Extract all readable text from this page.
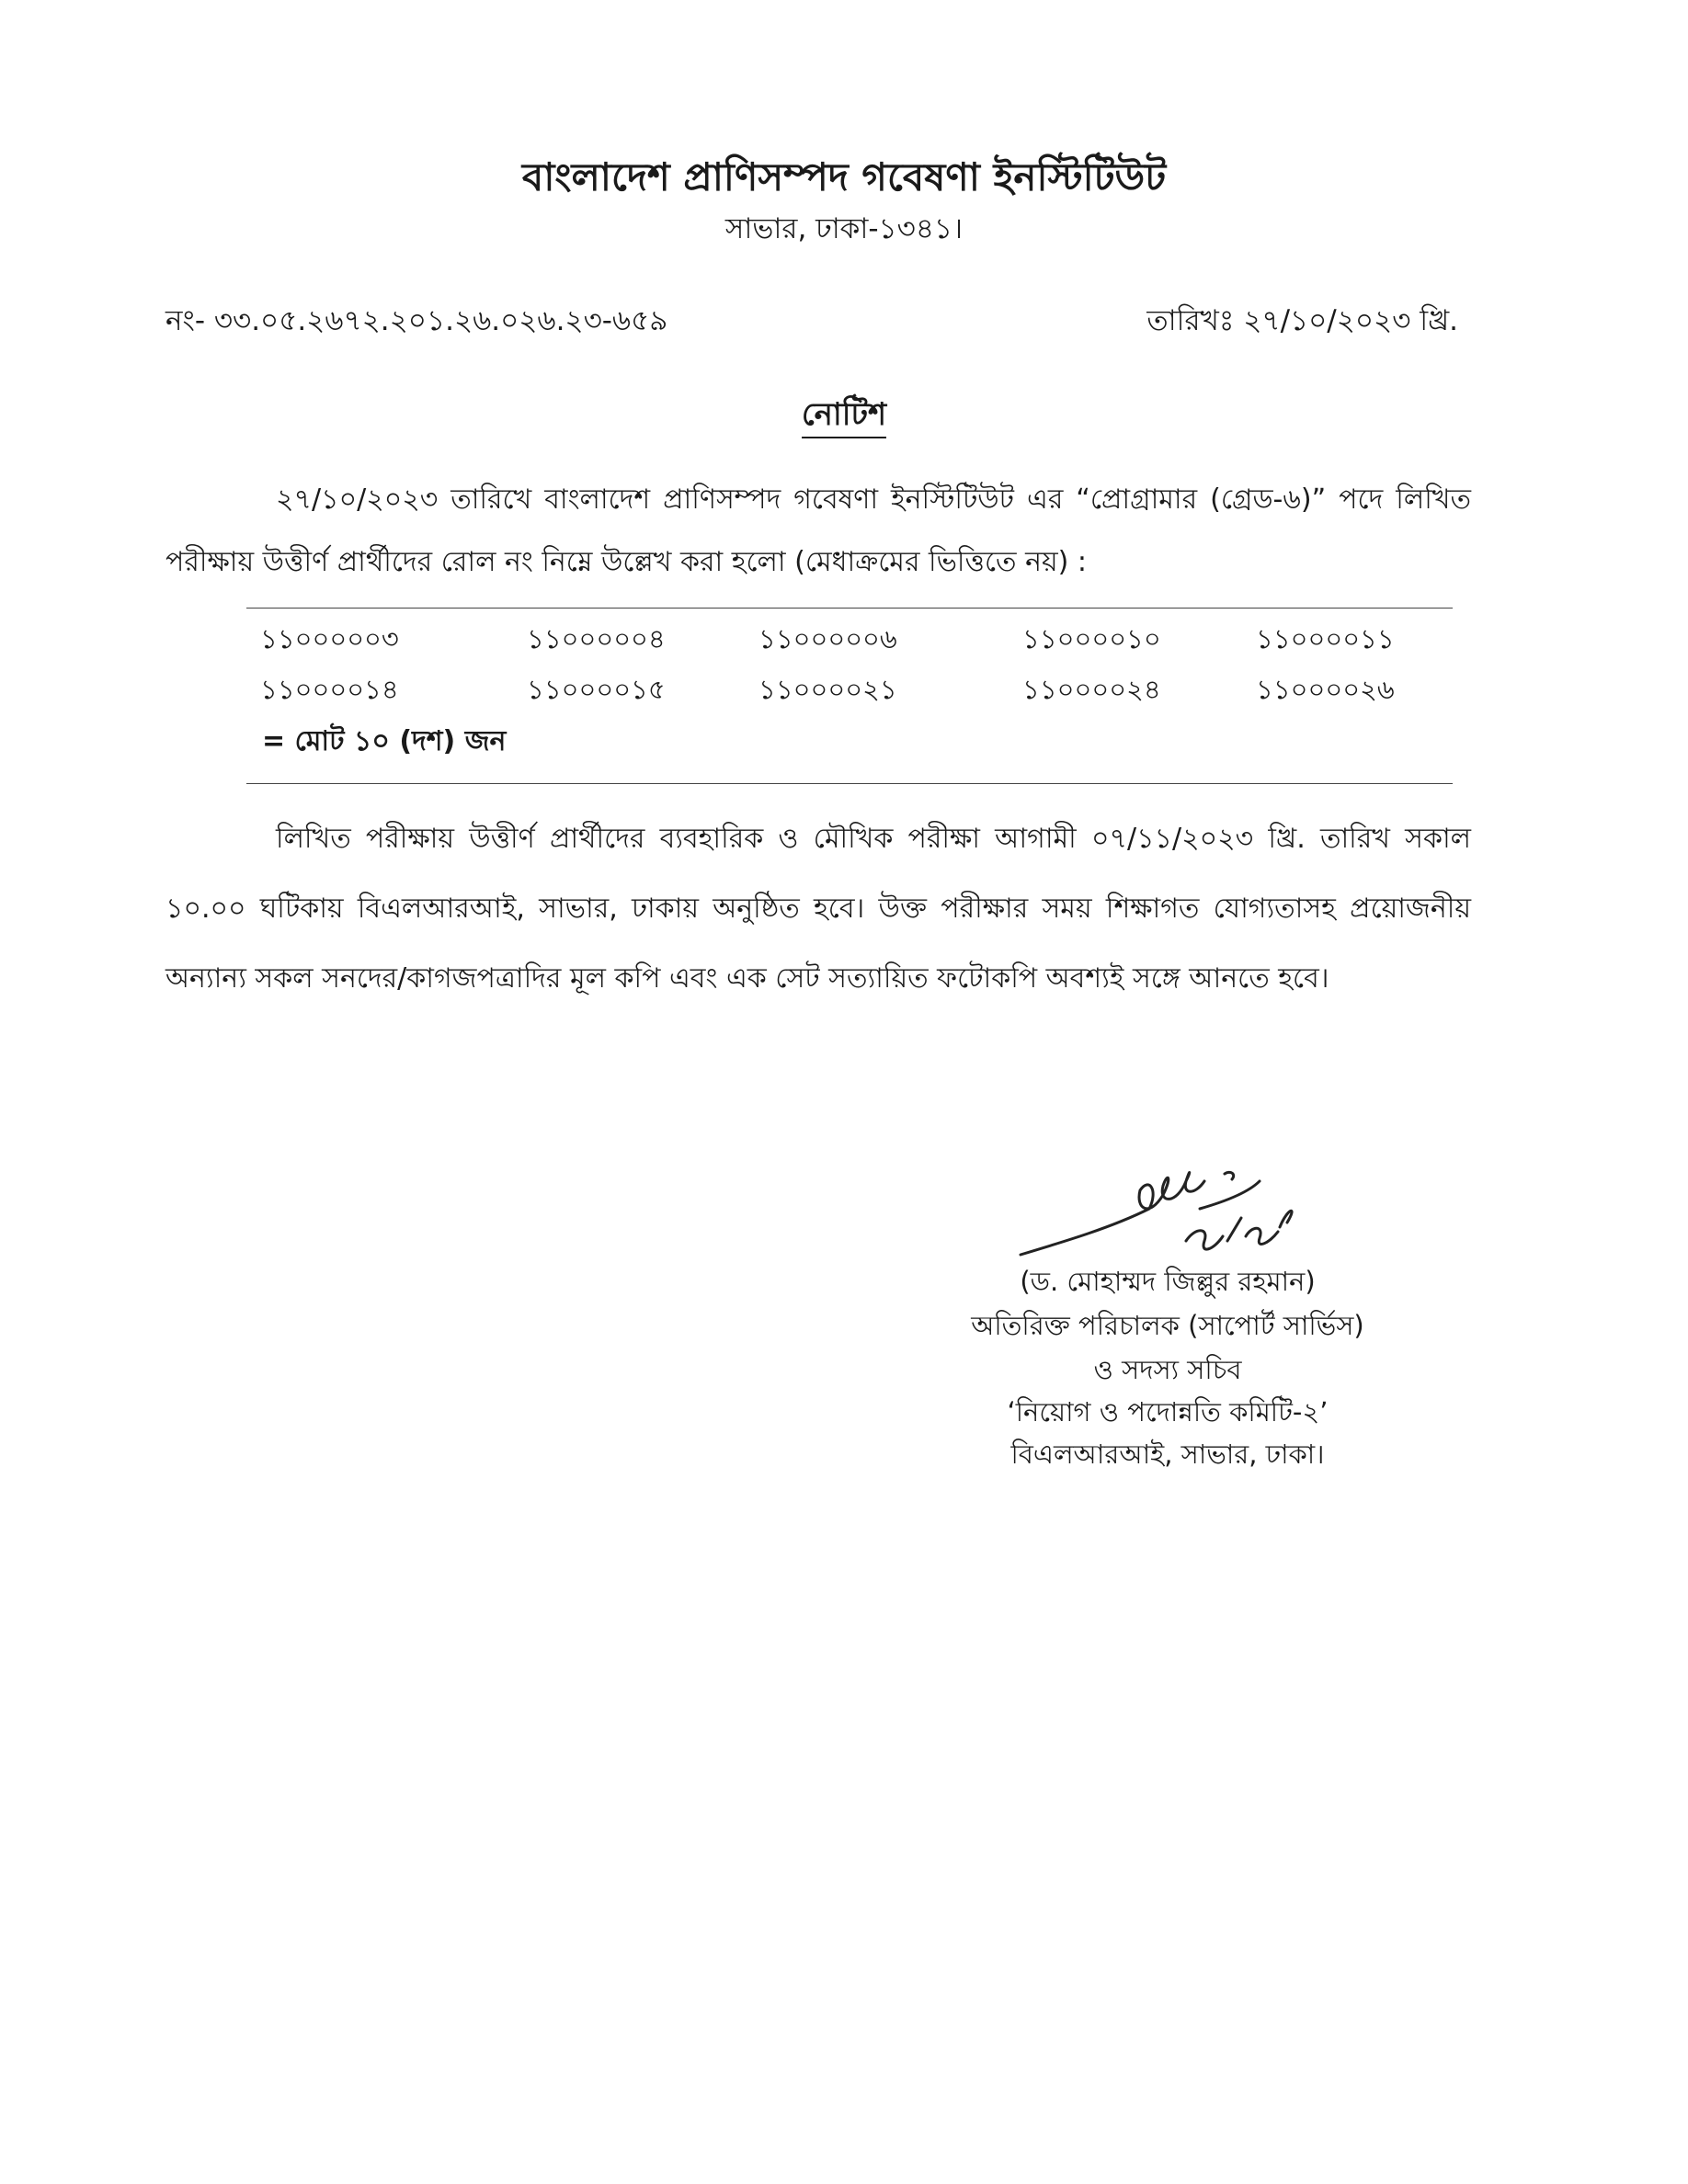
বাংলাদেশ প্রাণিসম্পদ গবেষণা ইনস্টিটিউট
সাভার, ঢাকা-১৩৪১।
নং- ৩৩.০৫.২৬৭২.২০১.২৬.০২৬.২৩-৬৫৯	তারিখঃ ২৭/১০/২০২৩ খ্রি.
নোটিশ
২৭/১০/২০২৩ তারিখে বাংলাদেশ প্রাণিসম্পদ গবেষণা ইনস্টিটিউট এর “প্রোগ্রামার (গ্রেড-৬)” পদে লিখিত পরীক্ষায় উত্তীর্ণ প্রার্থীদের রোল নং নিম্নে উল্লেখ করা হলো (মেধাক্রমের ভিত্তিতে নয়) :
১১০০০০০৩	১১০০০০০৪	১১০০০০০৬	১১০০০০১০	১১০০০০১১
১১০০০০১৪	১১০০০০১৫	১১০০০০২১	১১০০০০২৪	১১০০০০২৬
= মোট ১০ (দশ) জন
লিখিত পরীক্ষায় উত্তীর্ণ প্রার্থীদের ব্যবহারিক ও মৌখিক পরীক্ষা আগামী ০৭/১১/২০২৩ খ্রি. তারিখ সকাল ১০.০০ ঘটিকায় বিএলআরআই, সাভার, ঢাকায় অনুষ্ঠিত হবে। উক্ত পরীক্ষার সময় শিক্ষাগত যোগ্যতাসহ প্রয়োজনীয় অন্যান্য সকল সনদের/কাগজপত্রাদির মূল কপি এবং এক সেট সত্যায়িত ফটোকপি অবশ্যই সঙ্গে আনতে হবে।
(ড. মোহাম্মদ জিল্লুর রহমান)
অতিরিক্ত পরিচালক (সাপোর্ট সার্ভিস)
ও সদস্য সচিব
‘নিয়োগ ও পদোন্নতি কমিটি-২’
বিএলআরআই, সাভার, ঢাকা।
